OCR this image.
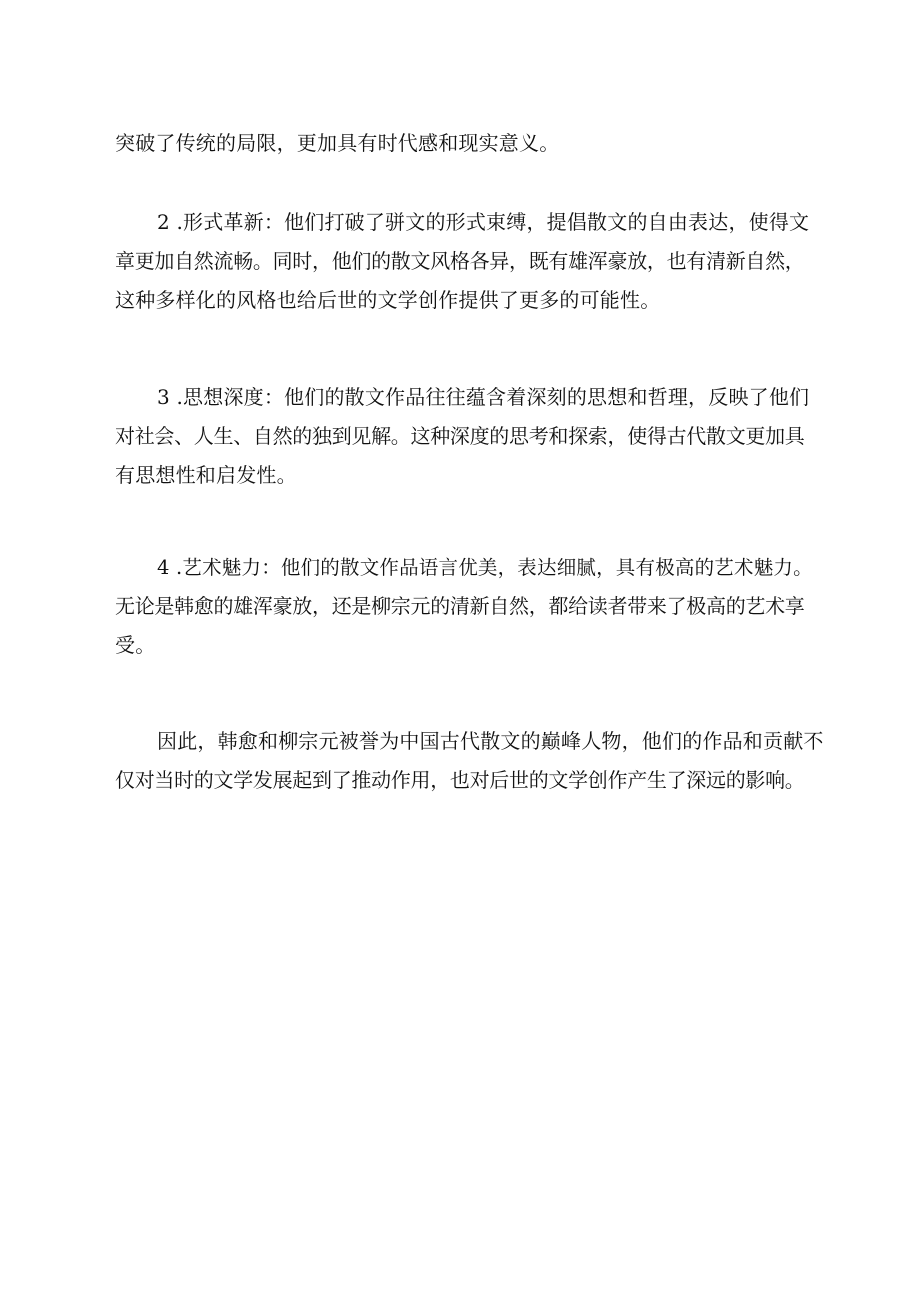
突破了传统的局限，更加具有时代感和现实意义。
2 .形式革新：他们打破了骈文的形式束缚，提倡散文的自由表达，使得文
章更加自然流畅。同时，他们的散文风格各异，既有雄浑豪放，也有清新自然，
这种多样化的风格也给后世的文学创作提供了更多的可能性。
3 .思想深度：他们的散文作品往往蕴含着深刻的思想和哲理，反映了他们
对社会、人生、自然的独到见解。这种深度的思考和探索，使得古代散文更加具
有思想性和启发性。
4 .艺术魅力：他们的散文作品语言优美，表达细腻，具有极高的艺术魅力。
无论是韩愈的雄浑豪放，还是柳宗元的清新自然，都给读者带来了极高的艺术享
受。
因此，韩愈和柳宗元被誉为中国古代散文的巅峰人物，他们的作品和贡献不
仅对当时的文学发展起到了推动作用，也对后世的文学创作产生了深远的影响。
